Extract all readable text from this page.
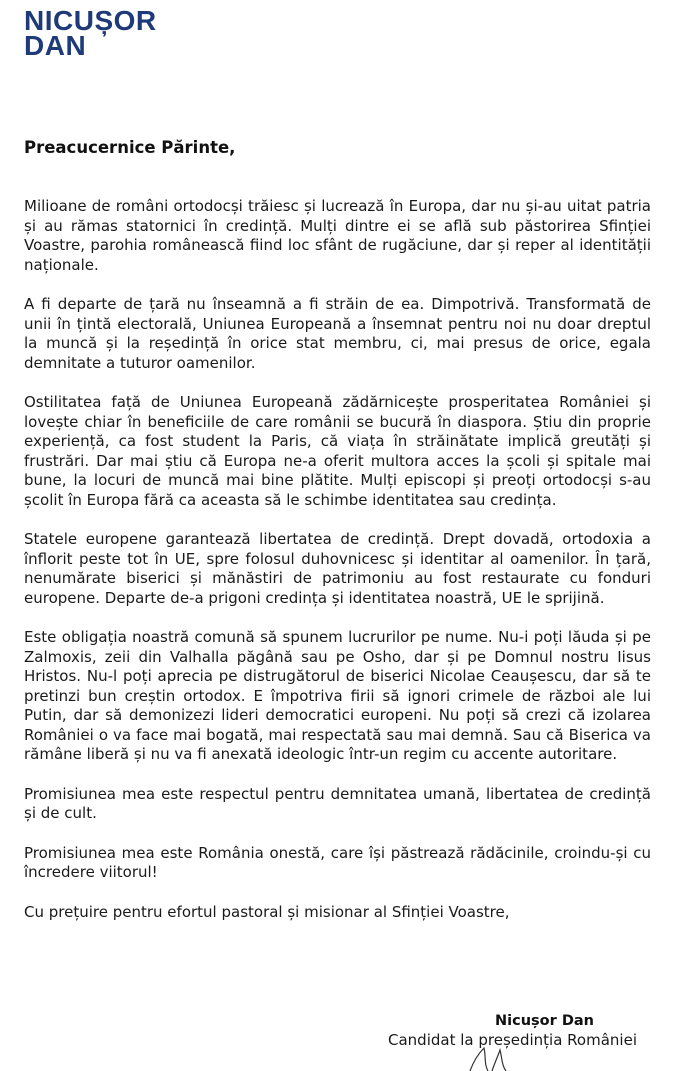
NICUȘOR
DAN
Preacucernice Părinte,

Milioane de români ortodocși trăiesc și lucrează în Europa, dar nu și-au uitat patria și au rămas statornici în credință. Mulți dintre ei se află sub păstorirea Sfinției Voastre, parohia românească fiind loc sfânt de rugăciune, dar și reper al identității naționale.

A fi departe de țară nu înseamnă a fi străin de ea. Dimpotrivă. Transformată de unii în țintă electorală, Uniunea Europeană a însemnat pentru noi nu doar dreptul la muncă și la reședință în orice stat membru, ci, mai presus de orice, egala demnitate a tuturor oamenilor.

Ostilitatea față de Uniunea Europeană zădărnicește prosperitatea României și lovește chiar în beneficiile de care românii se bucură în diaspora. Știu din proprie experiență, ca fost student la Paris, că viața în străinătate implică greutăți și frustrări. Dar mai știu că Europa ne-a oferit multora acces la școli și spitale mai bune, la locuri de muncă mai bine plătite. Mulți episcopi și preoți ortodocși s-au școlit în Europa fără ca aceasta să le schimbe identitatea sau credința.

Statele europene garantează libertatea de credință. Drept dovadă, ortodoxia a înflorit peste tot în UE, spre folosul duhovnicesc și identitar al oamenilor. În țară, nenumărate biserici și mănăstiri de patrimoniu au fost restaurate cu fonduri europene. Departe de-a prigoni credința și identitatea noastră, UE le sprijină.

Este obligația noastră comună să spunem lucrurilor pe nume. Nu-i poți lăuda și pe Zalmoxis, zeii din Valhalla păgână sau pe Osho, dar și pe Domnul nostru Iisus Hristos. Nu-l poți aprecia pe distrugătorul de biserici Nicolae Ceaușescu, dar să te pretinzi bun creștin ortodox. E împotriva firii să ignori crimele de război ale lui Putin, dar să demonizezi lideri democratici europeni. Nu poți să crezi că izolarea României o va face mai bogată, mai respectată sau mai demnă. Sau că Biserica va rămâne liberă și nu va fi anexată ideologic într-un regim cu accente autoritare.

Promisiunea mea este respectul pentru demnitatea umană, libertatea de credință și de cult.

Promisiunea mea este România onestă, care își păstrează rădăcinile, croindu-și cu încredere viitorul!

Cu prețuire pentru efortul pastoral și misionar al Sfinției Voastre,

Nicușor Dan
Candidat la președinția României
